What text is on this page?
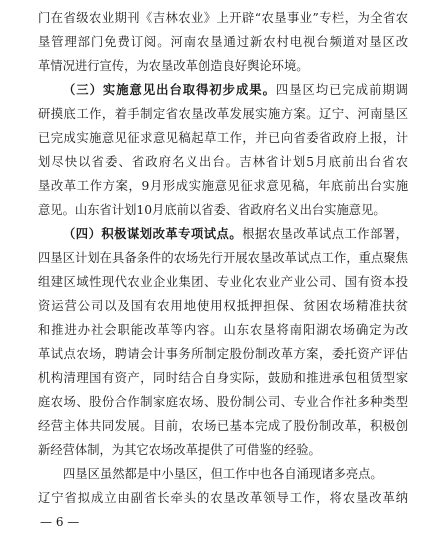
门在省级农业期刊《吉林农业》上开辟“农垦事业”专栏，为全省农
垦管理部门免费订阅。河南农垦通过新农村电视台频道对垦区改
革情况进行宣传，为农垦改革创造良好舆论环境。
（三）实施意见出台取得初步成果。四垦区均已完成前期调
研摸底工作，着手制定省农垦改革发展实施方案。辽宁、河南垦区
已完成实施意见征求意见稿起草工作，并已向省委省政府上报，计
划尽快以省委、省政府名义出台。吉林省计划5月底前出台省农
垦改革工作方案，9月形成实施意见征求意见稿，年底前出台实施
意见。山东省计划10月底前以省委、省政府名义出台实施意见。
（四）积极谋划改革专项试点。根据农垦改革试点工作部署，
四垦区计划在具备条件的农场先行开展农垦改革试点工作，重点聚焦
组建区域性现代农业企业集团、专业化农业产业公司、国有资本投
资运营公司以及国有农用地使用权抵押担保、贫困农场精准扶贫
和推进办社会职能改革等内容。山东农垦将南阳湖农场确定为改
革试点农场，聘请会计事务所制定股份制改革方案，委托资产评估
机构清理国有资产，同时结合自身实际，鼓励和推进承包租赁型家
庭农场、股份合作制家庭农场、股份制公司、专业合作社多种类型
经营主体共同发展。目前，农场已基本完成了股份制改革，积极创
新经营体制，为其它农场改革提供了可借鉴的经验。
四垦区虽然都是中小垦区，但工作中也各自涌现诸多亮点。
辽宁省拟成立由副省长牵头的农垦改革领导工作，将农垦改革纳
— 6 —
